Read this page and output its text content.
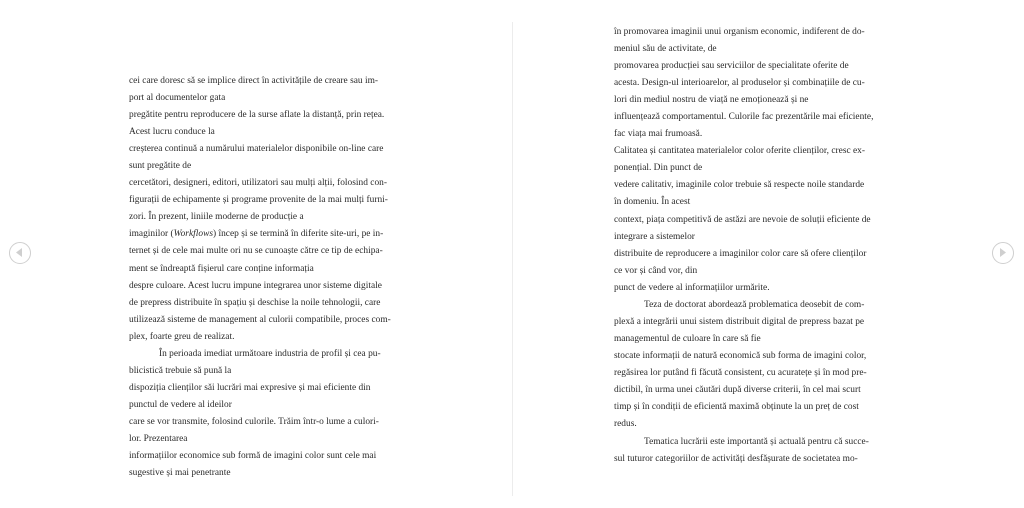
cei care doresc să se implice direct în activitățile de creare sau im-

port al documentelor gata

pregătite pentru reproducere de la surse aflate la distanță, prin rețea.

Acest lucru conduce la

creșterea continuă a numărului materialelor disponibile on-line care

sunt pregătite de

cercetători, designeri, editori, utilizatori sau mulți alții, folosind con-

figurații de echipamente și programe provenite de la mai mulți furni-

zori. În prezent, liniile moderne de producție a

imaginilor (Workflows) încep și se termină în diferite site-uri, pe in-

ternet și de cele mai multe ori nu se cunoaște către ce tip de echipa-

ment se îndreaptă fișierul care conține informația

despre culoare. Acest lucru impune integrarea unor sisteme digitale

de prepress distribuite în spațiu și deschise la noile tehnologii, care

utilizează sisteme de management al culorii compatibile, proces com-

plex, foarte greu de realizat.

În perioada imediat următoare industria de profil și cea pu-

blicistică trebuie să pună la

dispoziția clienților săi lucrări mai expresive și mai eficiente din

punctul de vedere al ideilor

care se vor transmite, folosind culorile. Trăim într-o lume a culori-

lor. Prezentarea

informațiilor economice sub formă de imagini color sunt cele mai

sugestive și mai penetrante

în promovarea imaginii unui organism economic, indiferent de do-

meniul său de activitate, de

promovarea producției sau serviciilor de specialitate oferite de

acesta. Design-ul interioarelor, al produselor și combinațiile de cu-

lori din mediul nostru de viață ne emoționează și ne

influențează comportamentul. Culorile fac prezentările mai eficiente,

fac viața mai frumoasă.

Calitatea și cantitatea materialelor color oferite clienților, cresc ex-

ponențial. Din punct de

vedere calitativ, imaginile color trebuie să respecte noile standarde

în domeniu. În acest

context, piața competitivă de astăzi are nevoie de soluții eficiente de

integrare a sistemelor

distribuite de reproducere a imaginilor color care să ofere clienților

ce vor și când vor, din

punct de vedere al informațiilor urmărite.

Teza de doctorat abordează problematica deosebit de com-

plexă a integrării unui sistem distribuit digital de prepress bazat pe

managementul de culoare în care să fie

stocate informații de natură economică sub forma de imagini color,

regăsirea lor putând fi făcută consistent, cu acuratețe și în mod pre-

dictibil, în urma unei căutări după diverse criterii, în cel mai scurt

timp și în condiții de eficientă maximă obținute la un preț de cost

redus.

Tematica lucrării este importantă și actuală pentru că succe-

sul tuturor categoriilor de activități desfășurate de societatea mo-
